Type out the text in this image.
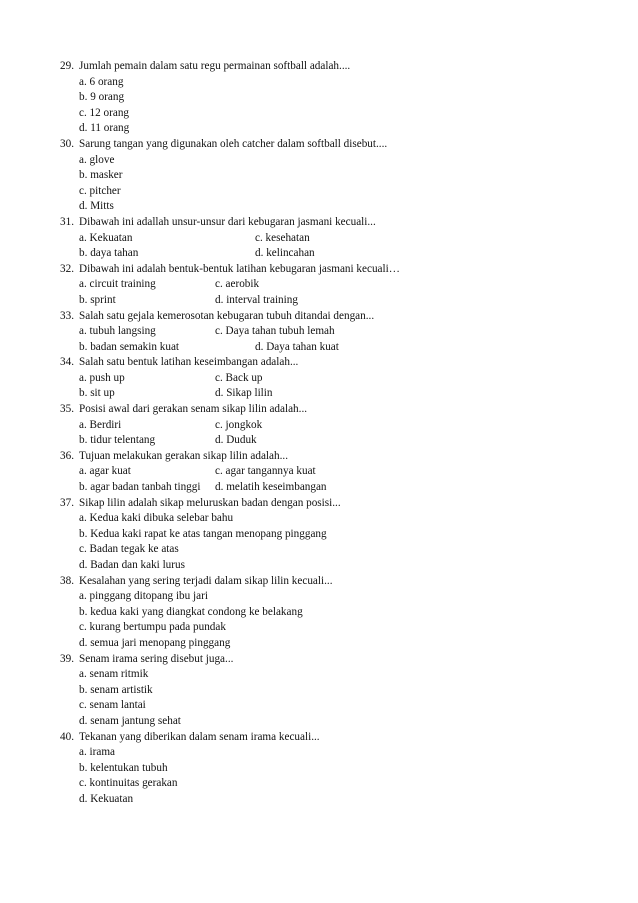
29. Jumlah pemain dalam satu regu permainan softball adalah....
a. 6 orang
b. 9 orang
c. 12 orang
d. 11 orang
30. Sarung tangan yang digunakan oleh catcher dalam softball disebut....
a. glove
b. masker
c. pitcher
d. Mitts
31. Dibawah ini adallah unsur-unsur dari kebugaran jasmani kecuali...
a. Kekuatan	c. kesehatan
b. daya tahan	d. kelincahan
32. Dibawah ini adalah bentuk-bentuk latihan kebugaran jasmani kecuali…
a. circuit training	c. aerobik
b. sprint	d. interval training
33. Salah satu gejala kemerosotan kebugaran tubuh ditandai dengan...
a. tubuh langsing	c. Daya tahan tubuh lemah
b. badan semakin kuat	d. Daya tahan kuat
34. Salah satu bentuk latihan keseimbangan adalah...
a. push up	c. Back up
b. sit up	d. Sikap lilin
35. Posisi awal dari gerakan senam sikap lilin adalah...
a. Berdiri	c. jongkok
b. tidur telentang	d. Duduk
36. Tujuan melakukan gerakan sikap lilin adalah...
a. agar kuat	c. agar tangannya kuat
b. agar badan tanbah tinggi d. melatih keseimbangan
37. Sikap lilin adalah sikap meluruskan badan dengan posisi...
a. Kedua kaki dibuka selebar bahu
b. Kedua kaki rapat ke atas tangan menopang pinggang
c. Badan tegak ke atas
d. Badan dan kaki lurus
38. Kesalahan yang sering terjadi dalam sikap lilin kecuali...
a. pinggang ditopang ibu jari
b. kedua kaki yang diangkat condong ke belakang
c. kurang bertumpu pada pundak
d. semua jari menopang pinggang
39. Senam irama sering disebut juga...
a. senam ritmik
b. senam artistik
c. senam lantai
d. senam jantung sehat
40. Tekanan yang diberikan dalam senam irama kecuali...
a. irama
b. kelentukan tubuh
c. kontinuitas gerakan
d. Kekuatan
